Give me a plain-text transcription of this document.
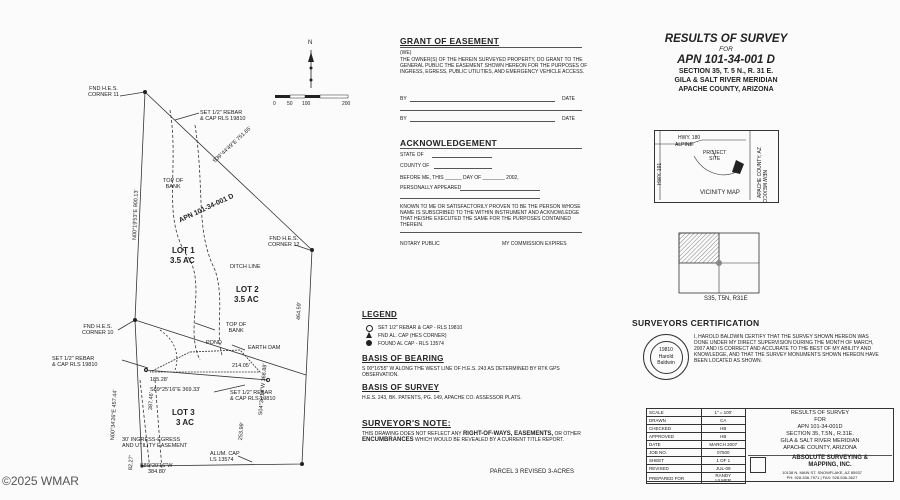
N
0 50 100	200
FND H.E.S.
CORNER 11
SET 1/2" REBAR
& CAP RLS 19810
S39°44'49"E 751.65'
N00°19'53"E 900.13'
TOP OF
BANK
APN 101-34-001 D
FND H.E.S.
CORNER 12
DITCH LINE
LOT 1
3.5 AC
LOT 2
3.5 AC
464.59'
FND H.E.S.
CORNER 10
TOP OF
BANK
EARTH DAM
POND
SET 1/2" REBAR
& CAP RLS 19810
185.28'
214.05'
S89°25'16"E 369.33'	SET 1/2" REBAR
& CAP RLS 19810
S04°36'14"W 368.88'
253.99'
LOT 3
3 AC
N00°34'26"E 457.44'
82.27'
387.46'
30' INGRESS-EGRESS
AND UTILITY EASEMENT
ALUM. CAP
LS 13574
S89°20'16"W
384.80'
GRANT OF EASEMENT
(WE)
THE OWNER(S) OF THE HEREIN SURVEYED PROPERTY, DO GRANT TO THE GENERAL PUBLIC THE EASEMENT SHOWN HEREON FOR THE PURPOSES OF INGRESS, EGRESS, PUBLIC UTILITIES, AND EMERGENCY VEHICLE ACCESS.
BY	DATE
BY	DATE
ACKNOWLEDGEMENT
STATE OF
COUNTY OF
BEFORE ME, THIS ______ DAY OF ________ 2002,
PERSONALLY APPEARED
KNOWN TO ME OR SATISFACTORILY PROVEN TO BE THE PERSON WHOSE NAME IS SUBSCRIBED TO THE WITHIN INSTRUMENT AND ACKNOWLEDGE THAT HE/SHE EXECUTED THE SAME FOR THE PURPOSES CONTAINED THEREIN.
NOTARY PUBLIC	MY COMMISSION EXPIRES
LEGEND
SET 1/2" REBAR & CAP - RLS 19810
FND AL. CAP (HES CORNER)
FOUND AL CAP - RLS 13574
BASIS OF BEARING
S 00°16'55" W ALONG THE WEST LINE OF H.E.S. 243 AS DETERMINED BY RTK GPS OBSERVATION.
BASIS OF SURVEY
H.E.S. 243, BK. PATENTS, PG. 149, APACHE CO. ASSESSOR PLATS.
SURVEYOR'S NOTE:
THIS DRAWING DOES NOT REFLECT ANY RIGHT-OF-WAYS, EASEMENTS, OR OTHER ENCUMBRANCES WHICH WOULD BE REVEALED BY A CURRENT TITLE REPORT.
PARCEL 3 REVISED 3-ACRES
RESULTS OF SURVEY
FOR
APN 101-34-001 D
SECTION 35, T. 5 N., R. 31 E.
GILA & SALT RIVER MERIDIAN
APACHE COUNTY, ARIZONA
HWY. 180
ALPINE
PROJECT
SITE
HWY. 191	APACHE COUNTY, AZ
NEW MEXICO
VICINITY MAP
S35, T5N, R31E
SURVEYORS CERTIFICATION
19810
Harold
Baldwin
I, HAROLD BALDWIN CERTIFY THAT THE SURVEY SHOWN HEREON WAS DONE UNDER MY DIRECT SUPERVISION DURING THE MONTH OF MARCH, 2007 AND IS CORRECT AND ACCURATE TO THE BEST OF MY ABILITY AND KNOWLEDGE, AND THAT THE SURVEY MONUMENTS SHOWN HEREON HAVE BEEN LOCATED AS SHOWN.
SCALE	1" = 100'
DRAWN	CA
CHECKED	HB
APPROVED	HB
DATE	MARCH 2007
JOB NO.	07500
SHEET	1 OF 1
REVISED	JUL-09
PREPARED FOR	RANDY
ULMER
RESULTS OF SURVEY
FOR
APN 101-34-001D
SECTION 35, T.5N., R.31E.
GILA & SALT RIVER MERIDIAN
APACHE COUNTY, ARIZONA
ABSOLUTE SURVEYING &
MAPPING, INC.
10138 N. MAIN ST. SNOWFLAKE, AZ 85937
PH: 928-536-7971 | FAX: 928-536-3627
©2025 WMAR
